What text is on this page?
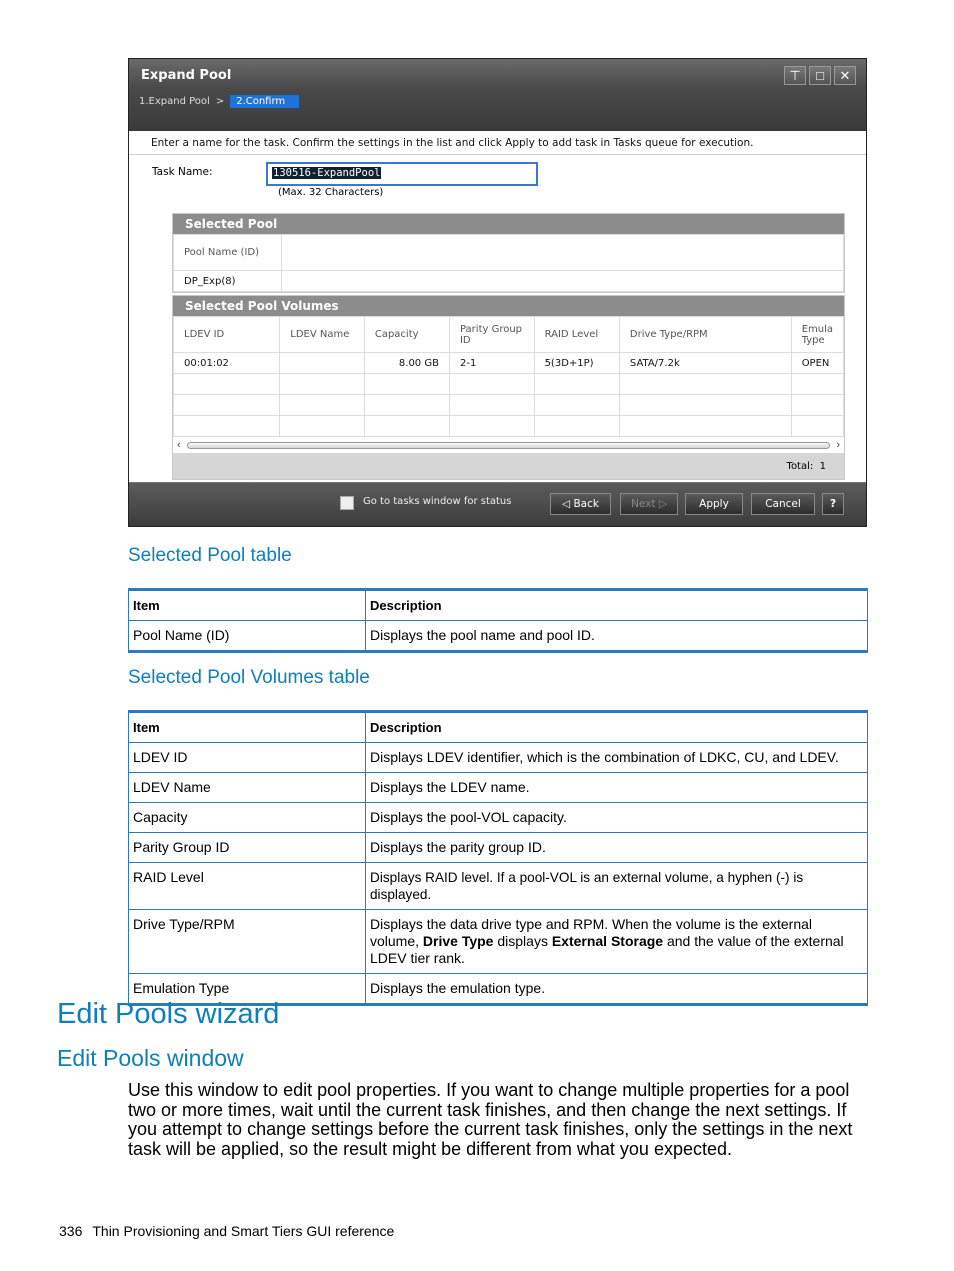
Expand Pool	⊤	□	✕
1.Expand Pool >	2.Confirm
Enter a name for the task. Confirm the settings in the list and click Apply to add task in Tasks queue for execution.
Task Name:	130516-ExpandPool
(Max. 32 Characters)
Selected Pool
Pool Name (ID)	
DP_Exp(8)	
Selected Pool Volumes
LDEV ID	LDEV Name	Capacity	Parity Group ID	RAID Level	Drive Type/RPM	Emula Type
00:01:02		8.00 GB	2-1	5(3D+1P)	SATA/7.2k	OPEN

‹	›
Total: 1
Go to tasks window for status	◁ Back	Next ▷	Apply	Cancel	?
Selected Pool table
Item	Description
Pool Name (ID)	Displays the pool name and pool ID.
Selected Pool Volumes table
Item	Description
LDEV ID	Displays LDEV identifier, which is the combination of LDKC, CU, and LDEV.
LDEV Name	Displays the LDEV name.
Capacity	Displays the pool-VOL capacity.
Parity Group ID	Displays the parity group ID.
RAID Level	Displays RAID level. If a pool-VOL is an external volume, a hyphen (-) is displayed.
Drive Type/RPM	Displays the data drive type and RPM. When the volume is the external volume, Drive Type displays External Storage and the value of the external LDEV tier rank.
Emulation Type	Displays the emulation type.
Edit Pools wizard
Edit Pools window
Use this window to edit pool properties. If you want to change multiple properties for a pool two or more times, wait until the current task finishes, and then change the next settings. If you attempt to change settings before the current task finishes, only the settings in the next task will be applied, so the result might be different from what you expected.
336 Thin Provisioning and Smart Tiers GUI reference
